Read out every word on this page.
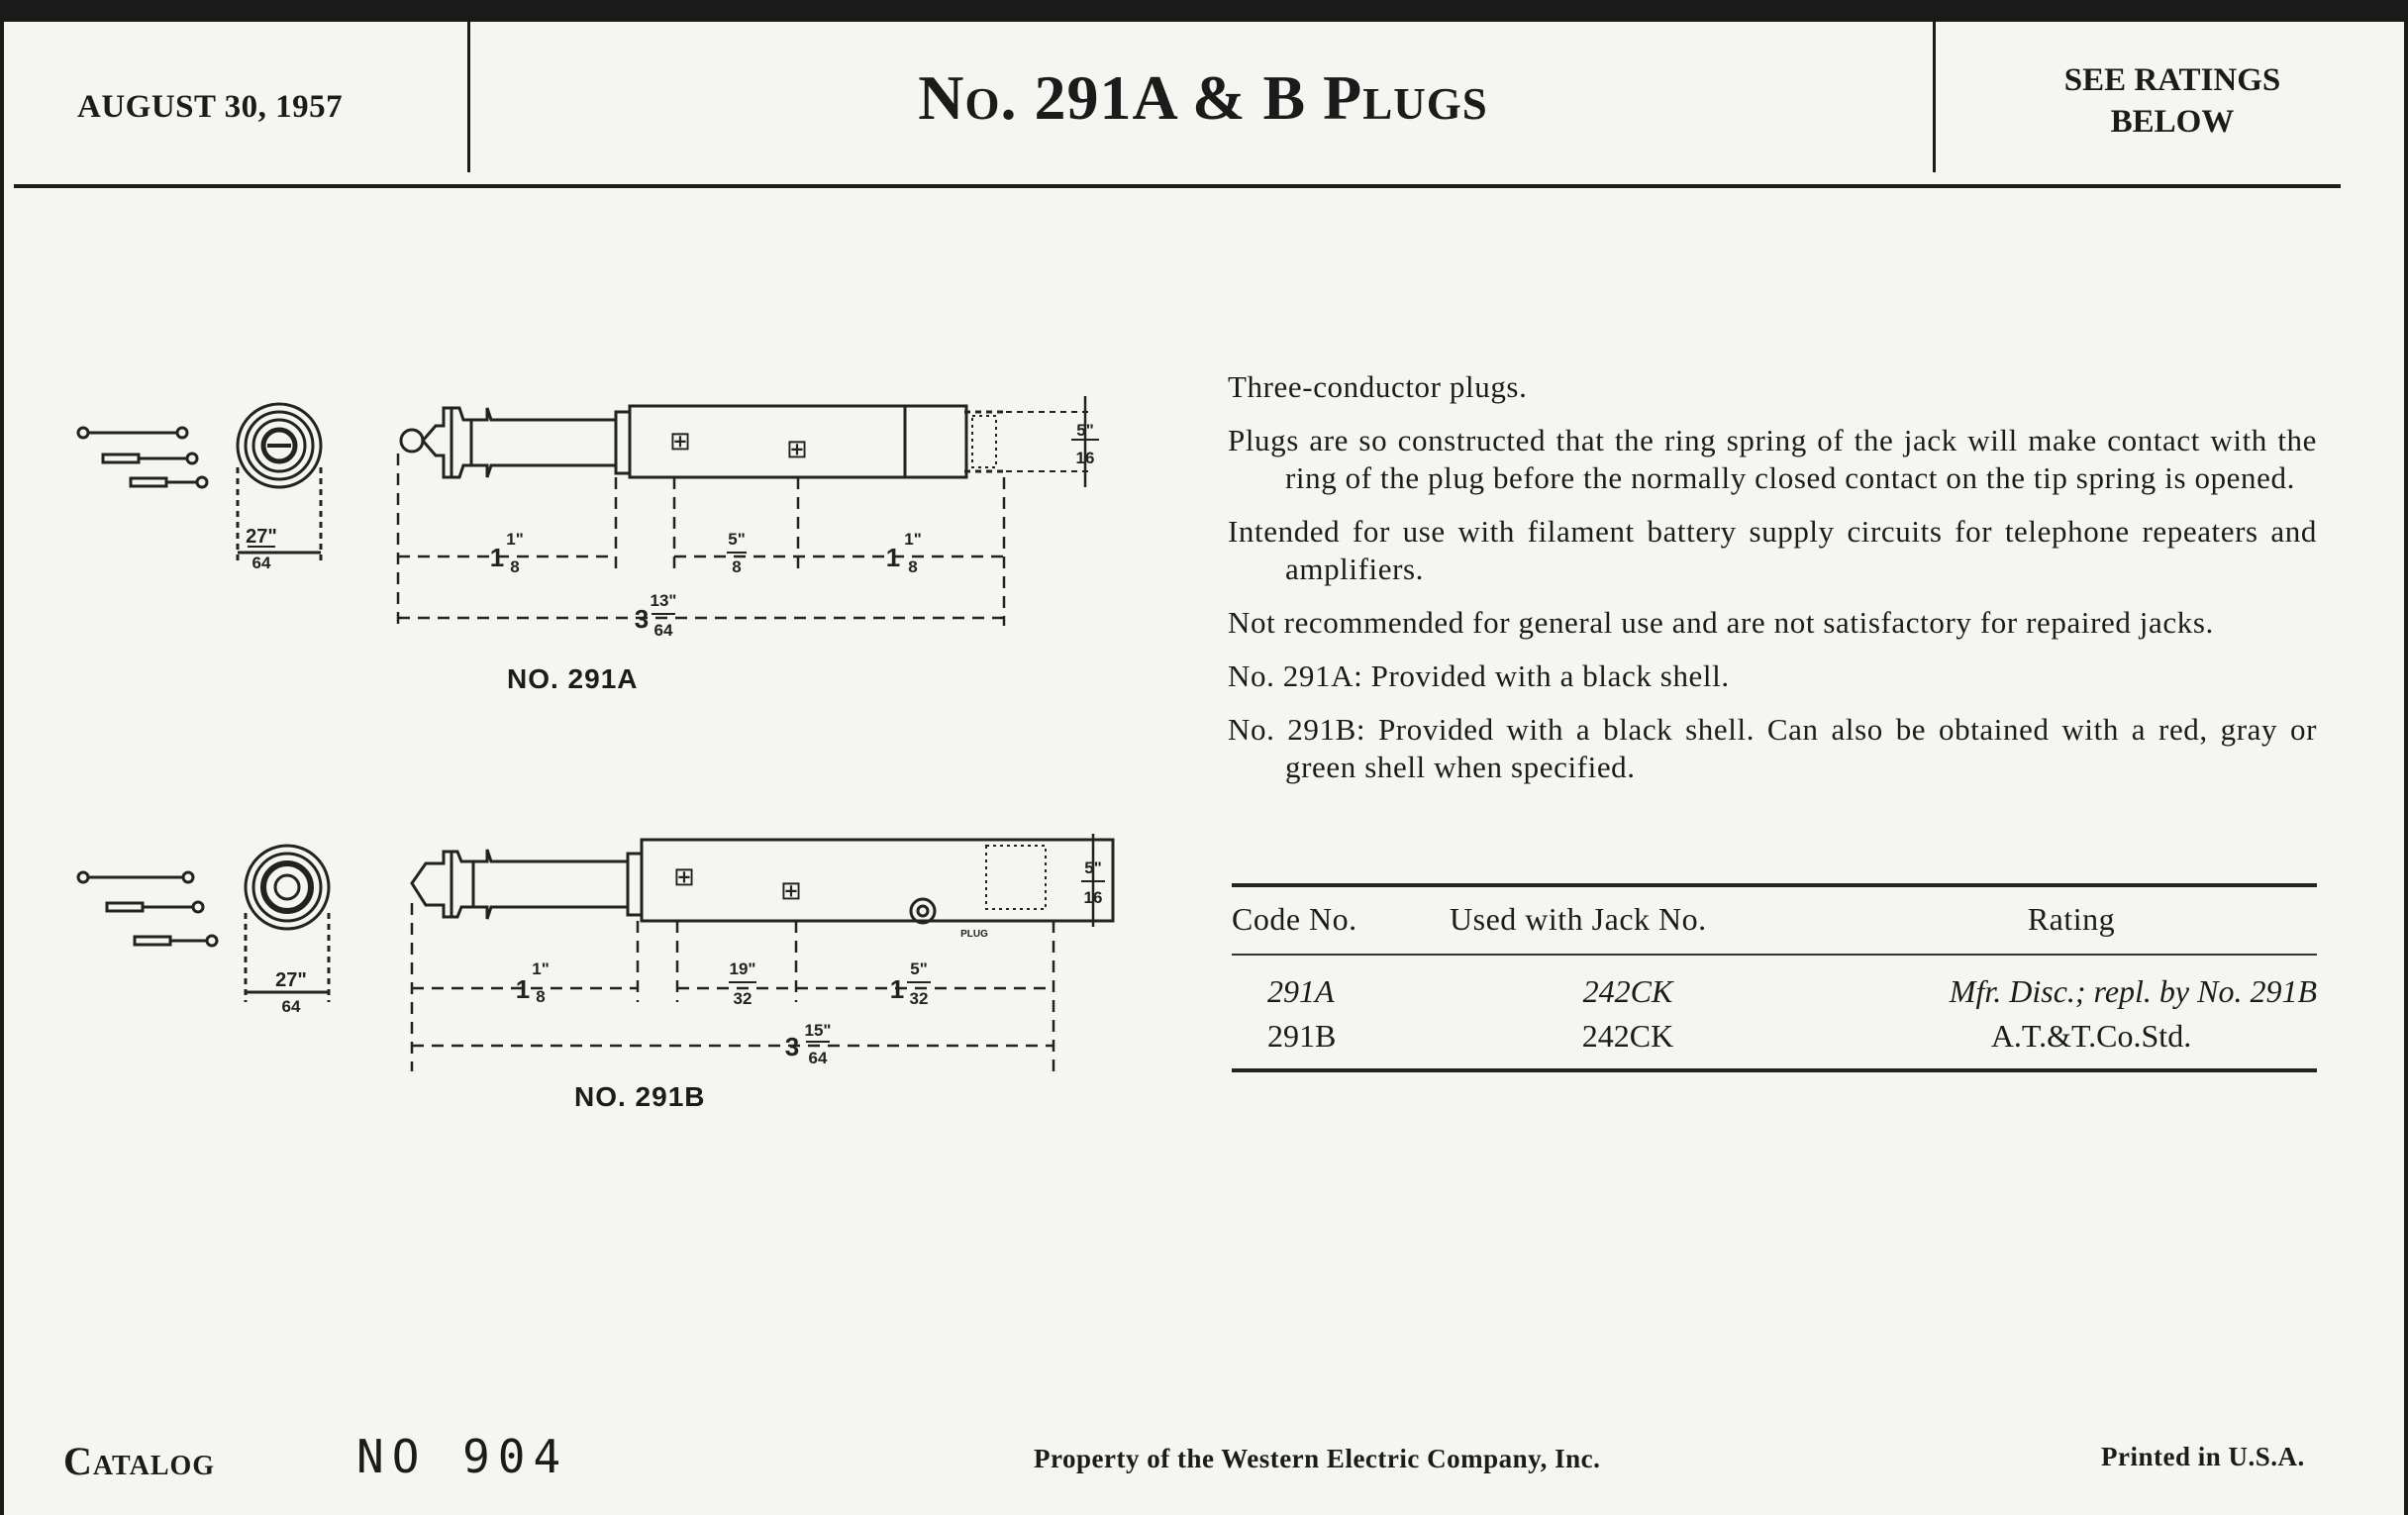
AUGUST 30, 1957	No. 291A & B Plugs	SEE RATINGS
BELOW
⊞	⊞
27"
64	1
1"
8
5"
8	1
1"
8
3
13"
64
5"
16
NO. 291A
⊞	⊞
27"
64
1
1"
8
19"
32	1
5"
32
3
15"
64
5"
16
PLUG
NO. 291B

Three-conductor plugs.

Plugs are so constructed that the ring spring of the jack will make contact with the ring of the plug before the normally closed contact on the tip spring is opened.

Intended for use with filament battery supply circuits for telephone repeaters and amplifiers.

Not recommended for general use and are not satisfactory for repaired jacks.

No. 291A: Provided with a black shell.

No. 291B: Provided with a black shell. Can also be obtained with a red, gray or green shell when specified.

Code No.	Used with Jack No.	Rating
291A	242CK	Mfr. Disc.; repl. by No. 291B
291B	242CK	A.T.&T.Co.Std.
Catalog	NO 904	Property of the Western Electric Company, Inc.	Printed in U.S.A.
